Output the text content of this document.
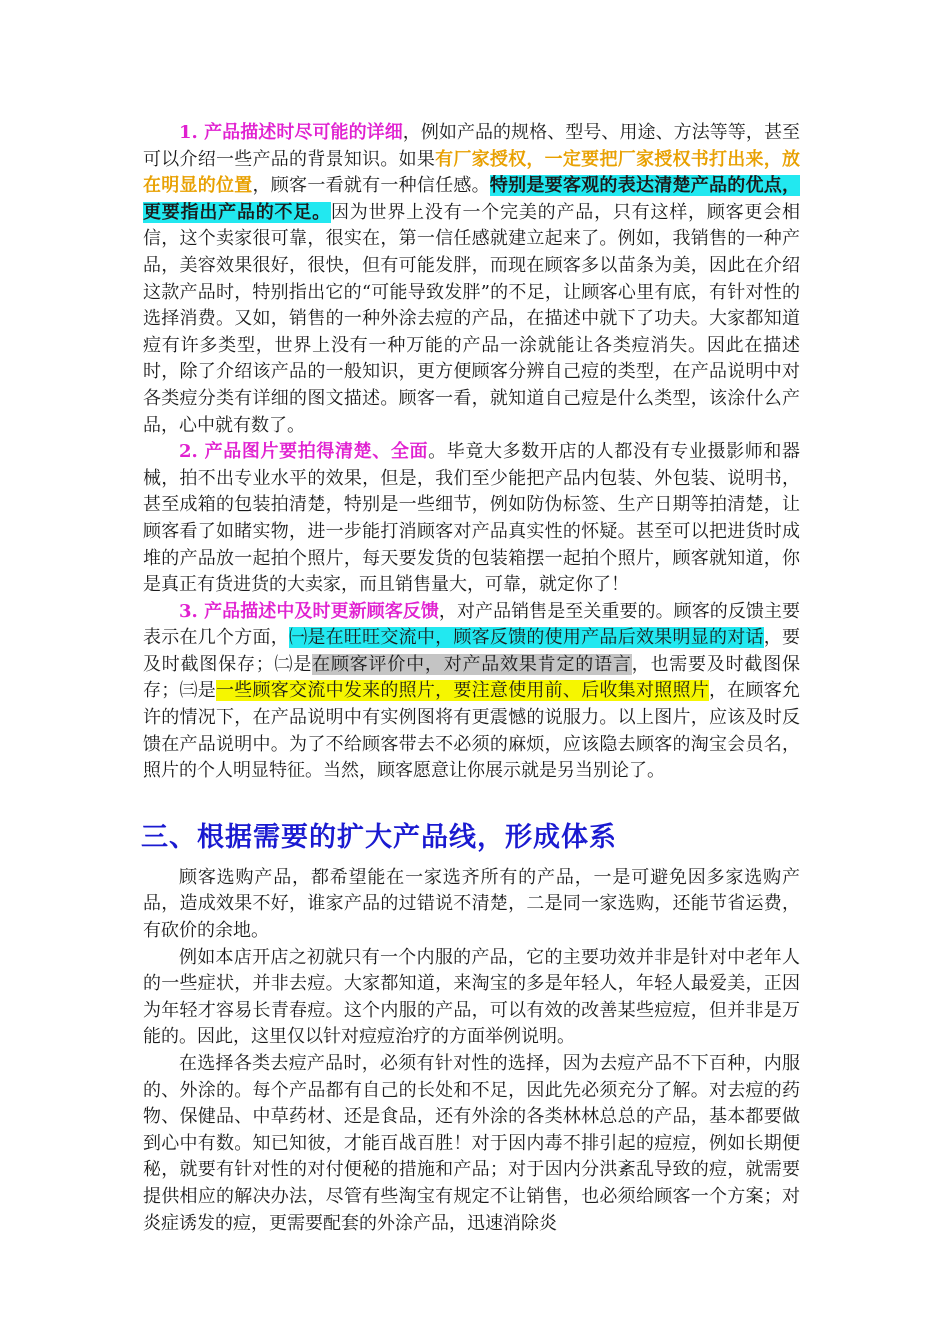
1. 产品描述时尽可能的详细，例如产品的规格、型号、用途、方法等等，甚至可以介绍一些产品的背景知识。如果有厂家授权，一定要把厂家授权书打出来，放在明显的位置，顾客一看就有一种信任感。特别是要客观的表达清楚产品的优点，更要指出产品的不足。因为世界上没有一个完美的产品，只有这样，顾客更会相信，这个卖家很可靠，很实在，第一信任感就建立起来了。例如，我销售的一种产品，美容效果很好，很快，但有可能发胖，而现在顾客多以苗条为美，因此在介绍这款产品时，特别指出它的“可能导致发胖”的不足，让顾客心里有底，有针对性的选择消费。又如，销售的一种外涂去痘的产品，在描述中就下了功夫。大家都知道痘有许多类型，世界上没有一种万能的产品一涂就能让各类痘消失。因此在描述时，除了介绍该产品的一般知识，更方便顾客分辨自己痘的类型，在产品说明中对各类痘分类有详细的图文描述。顾客一看，就知道自己痘是什么类型，该涂什么产品，心中就有数了。

2. 产品图片要拍得清楚、全面。毕竟大多数开店的人都没有专业摄影师和器械，拍不出专业水平的效果，但是，我们至少能把产品内包装、外包装、说明书，甚至成箱的包装拍清楚，特别是一些细节，例如防伪标签、生产日期等拍清楚，让顾客看了如睹实物，进一步能打消顾客对产品真实性的怀疑。甚至可以把进货时成堆的产品放一起拍个照片，每天要发货的包装箱摆一起拍个照片，顾客就知道，你是真正有货进货的大卖家，而且销售量大，可靠，就定你了！

3. 产品描述中及时更新顾客反馈，对产品销售是至关重要的。顾客的反馈主要表示在几个方面，㈠是在旺旺交流中，顾客反馈的使用产品后效果明显的对话，要及时截图保存；㈡是在顾客评价中，对产品效果肯定的语言，也需要及时截图保存；㈢是一些顾客交流中发来的照片，要注意使用前、后收集对照照片，在顾客允许的情况下，在产品说明中有实例图将有更震憾的说服力。以上图片，应该及时反馈在产品说明中。为了不给顾客带去不必须的麻烦，应该隐去顾客的淘宝会员名，照片的个人明显特征。当然，顾客愿意让你展示就是另当别论了。

三、根据需要的扩大产品线，形成体系

顾客选购产品，都希望能在一家选齐所有的产品，一是可避免因多家选购产品，造成效果不好，谁家产品的过错说不清楚，二是同一家选购，还能节省运费，有砍价的余地。

例如本店开店之初就只有一个内服的产品，它的主要功效并非是针对中老年人的一些症状，并非去痘。大家都知道，来淘宝的多是年轻人，年轻人最爱美，正因为年轻才容易长青春痘。这个内服的产品，可以有效的改善某些痘痘，但并非是万能的。因此，这里仅以针对痘痘治疗的方面举例说明。

在选择各类去痘产品时，必须有针对性的选择，因为去痘产品不下百种，内服的、外涂的。每个产品都有自己的长处和不足，因此先必须充分了解。对去痘的药物、保健品、中草药材、还是食品，还有外涂的各类林林总总的产品，基本都要做到心中有数。知已知彼，才能百战百胜！对于因内毒不排引起的痘痘，例如长期便秘，就要有针对性的对付便秘的措施和产品；对于因内分洪紊乱导致的痘，就需要提供相应的解决办法，尽管有些淘宝有规定不让销售，也必须给顾客一个方案；对炎症诱发的痘，更需要配套的外涂产品，迅速消除炎
